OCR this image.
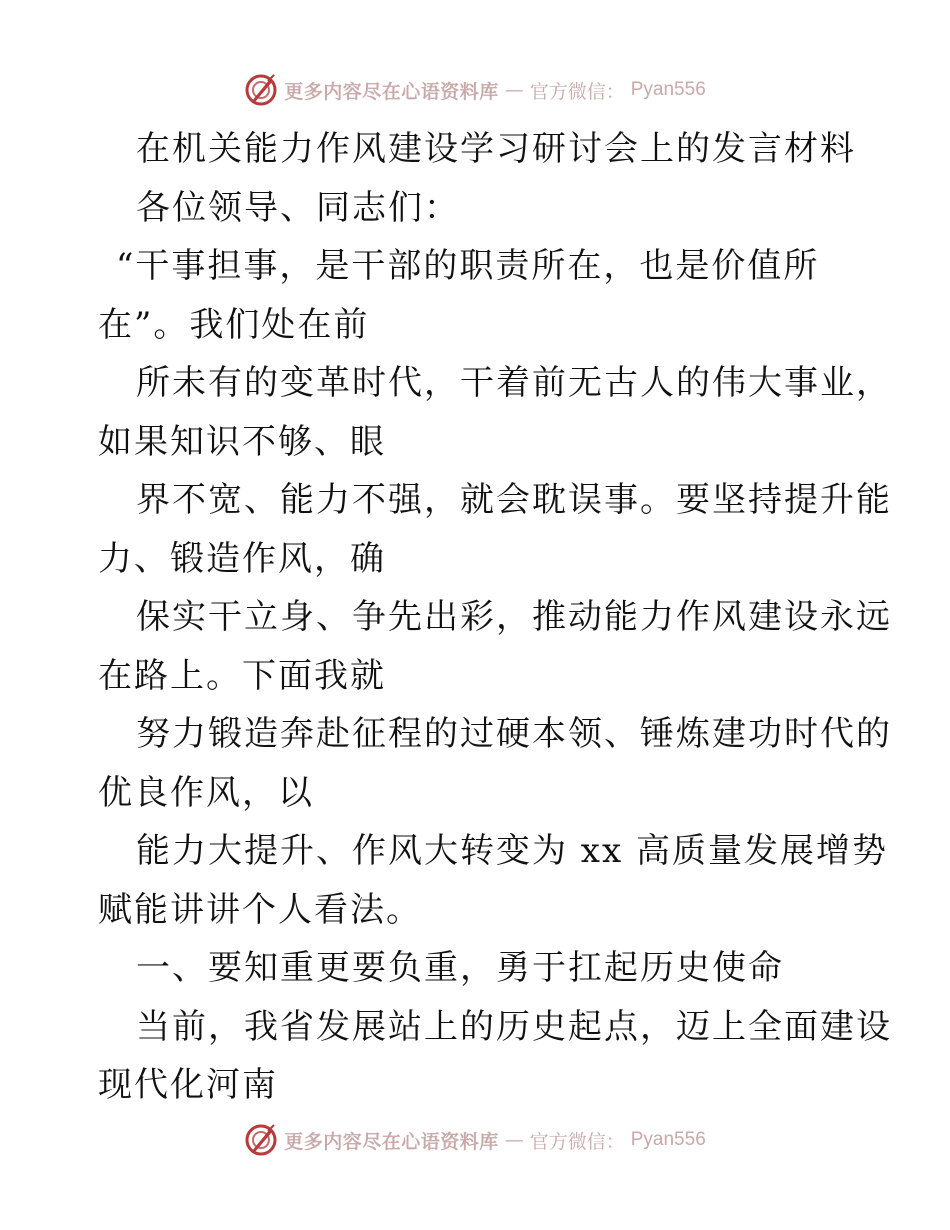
更多内容尽在心语资料库 — 官方微信： Pyan556
在机关能力作风建设学习研讨会上的发言材料
各位领导、同志们：
“干事担事，是干部的职责所在，也是价值所
在”。我们处在前
所未有的变革时代，干着前无古人的伟大事业，
如果知识不够、眼
界不宽、能力不强，就会耽误事。要坚持提升能
力、锻造作风，确
保实干立身、争先出彩，推动能力作风建设永远
在路上。下面我就
努力锻造奔赴征程的过硬本领、锤炼建功时代的
优良作风，以
能力大提升、作风大转变为 xx 高质量发展增势
赋能讲讲个人看法。
一、要知重更要负重，勇于扛起历史使命
当前，我省发展站上的历史起点，迈上全面建设
现代化河南
更多内容尽在心语资料库 — 官方微信： Pyan556
